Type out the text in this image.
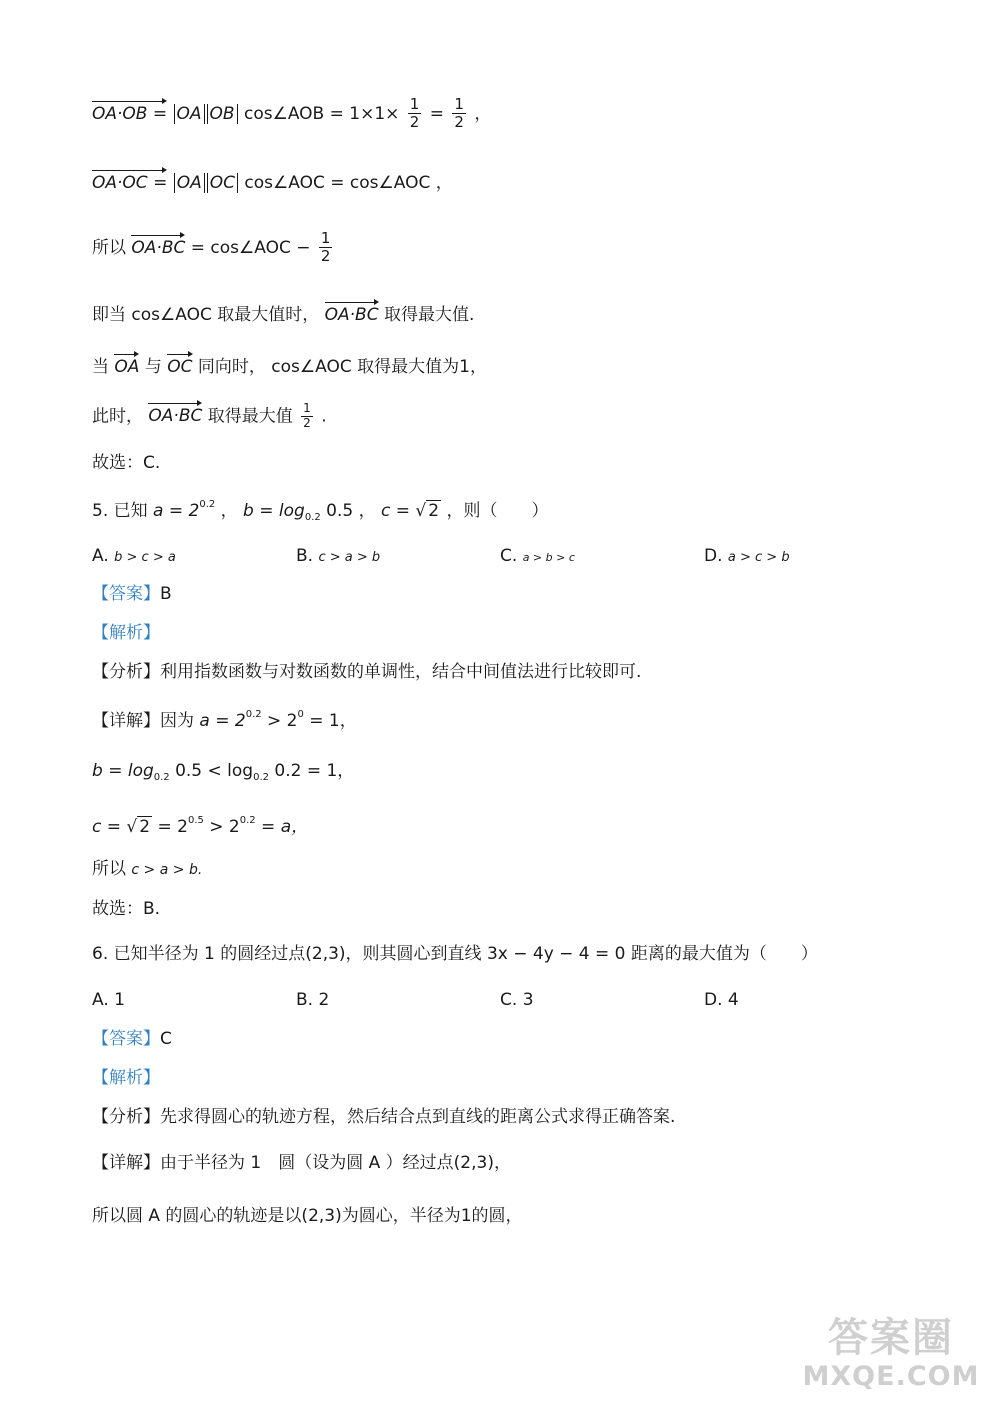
OA·OB = OA OB cos∠AOB = $1\times 1\times \frac{1}{2} = \frac{1}{2}$ ，
OA·OC = OA OC cos∠AOC = cos∠AOC ，
所以 OA·BC = cos∠AOC − $\frac{1}{2}$
即当 cos∠AOC 取最大值时， OA·BC 取得最大值.
当 OA 与 OC 同向时， cos∠AOC 取得最大值为1，
此时， OA·BC 取得最大值 $\frac{1}{2}$ .
故选：C.
5. 已知 $a = 2^{0.2}$ ， $b = \log_{0.2} 0.5$ ， c = √ 2 ，则（　　）
A. b > c > a	B. c > a > b	C. a > b > c	D. a > c > b
【答案】B
【解析】
【分析】利用指数函数与对数函数的单调性，结合中间值法进行比较即可.
【详解】因为 $a = 2^{0.2} > 2^0 = 1$，
$b = \log_{0.2} 0.5 < \log_{0.2} 0.2 = 1$，
c = √ $2 = 2^{0.5} > 2^{0.2} = a$，
所以 c > a > b.
故选：B.
6. 已知半径为 1 的圆经过点(2,3)，则其圆心到直线 3x − 4y − 4 = 0 距离的最大值为（　　）
A. 1	B. 2	C. 3	D. 4
【答案】C
【解析】
【分析】先求得圆心的轨迹方程，然后结合点到直线的距离公式求得正确答案.
【详解】由于半径为 1　圆（设为圆 A ）经过点(2,3)，
所以圆 A 的圆心的轨迹是以(2,3)为圆心，半径为1的圆，
答案圈
MXQE.COM
